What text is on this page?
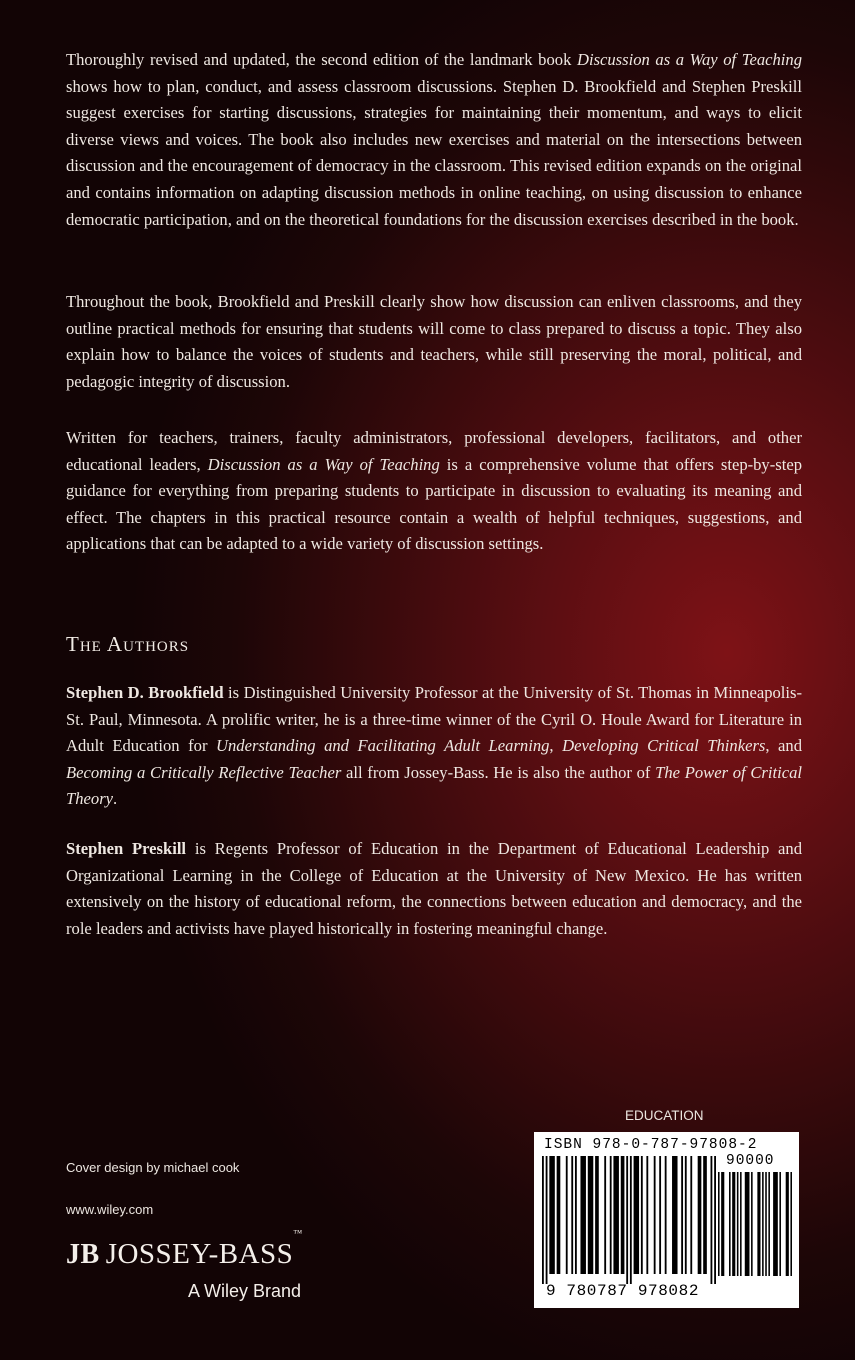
Thoroughly revised and updated, the second edition of the landmark book Discussion as a Way of Teaching shows how to plan, conduct, and assess classroom discussions. Stephen D. Brookfield and Stephen Preskill suggest exercises for starting discussions, strategies for maintaining their momentum, and ways to elicit diverse views and voices. The book also includes new exercises and material on the intersections between discussion and the encouragement of democracy in the classroom. This revised edition expands on the original and contains information on adapting discussion methods in online teaching, on using discussion to enhance democratic participation, and on the theoretical foundations for the discussion exercises described in the book.

Throughout the book, Brookfield and Preskill clearly show how discussion can enliven classrooms, and they outline practical methods for ensuring that students will come to class prepared to discuss a topic. They also explain how to balance the voices of students and teachers, while still preserving the moral, political, and pedagogic integrity of discussion.

Written for teachers, trainers, faculty administrators, professional developers, facilitators, and other educational leaders, Discussion as a Way of Teaching is a comprehensive volume that offers step-by-step guidance for everything from preparing students to participate in discussion to evaluating its meaning and effect. The chapters in this practical resource contain a wealth of helpful techniques, suggestions, and applications that can be adapted to a wide variety of discussion settings.

The Authors

Stephen D. Brookfield is Distinguished University Professor at the University of St. Thomas in Minneapolis-St. Paul, Minnesota. A prolific writer, he is a three-time winner of the Cyril O. Houle Award for Literature in Adult Education for Understanding and Facilitating Adult Learning, Developing Critical Thinkers, and Becoming a Critically Reflective Teacher all from Jossey-Bass. He is also the author of The Power of Critical Theory.

Stephen Preskill is Regents Professor of Education in the Department of Educational Leadership and Organizational Learning in the College of Education at the University of New Mexico. He has written extensively on the history of educational reform, the connections between education and democracy, and the role leaders and activists have played historically in fostering meaningful change.

Cover design by michael cook

www.wiley.com

JB JOSSEY-BASS™
A Wiley Brand

EDUCATION

ISBN 978-0-787-97808-2

90000

9 780787 978082
